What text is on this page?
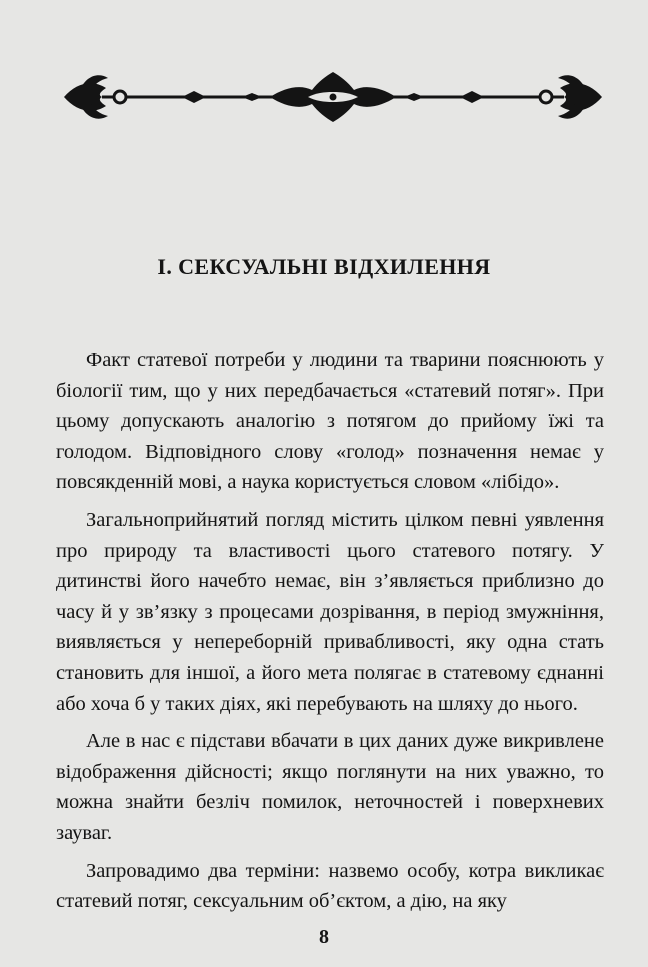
I. СЕКСУАЛЬНІ ВІДХИЛЕННЯ

Факт статевої потреби у людини та тварини пояснюють у біології тим, що у них передбачається «статевий потяг». При цьому допускають аналогію з потягом до прийому їжі та голодом. Відповідного слову «голод» позначення немає у повсякденній мові, а наука користується словом «лібідо».

Загальноприйнятий погляд містить цілком певні уявлення про природу та властивості цього статевого потягу. У дитинстві його начебто немає, він з’являється приблизно до часу й у зв’язку з процесами дозрівання, в період змужніння, виявляється у непереборній привабливості, яку одна стать становить для іншої, а його мета полягає в статевому єднанні або хоча б у таких діях, які перебувають на шляху до нього.

Але в нас є підстави вбачати в цих даних дуже викривлене відображення дійсності; якщо поглянути на них уважно, то можна знайти безліч помилок, неточностей і поверхневих зауваг.

Запровадимо два терміни: назвемо особу, котра викликає статевий потяг, сексуальним об’єктом, а дію, на яку

8
